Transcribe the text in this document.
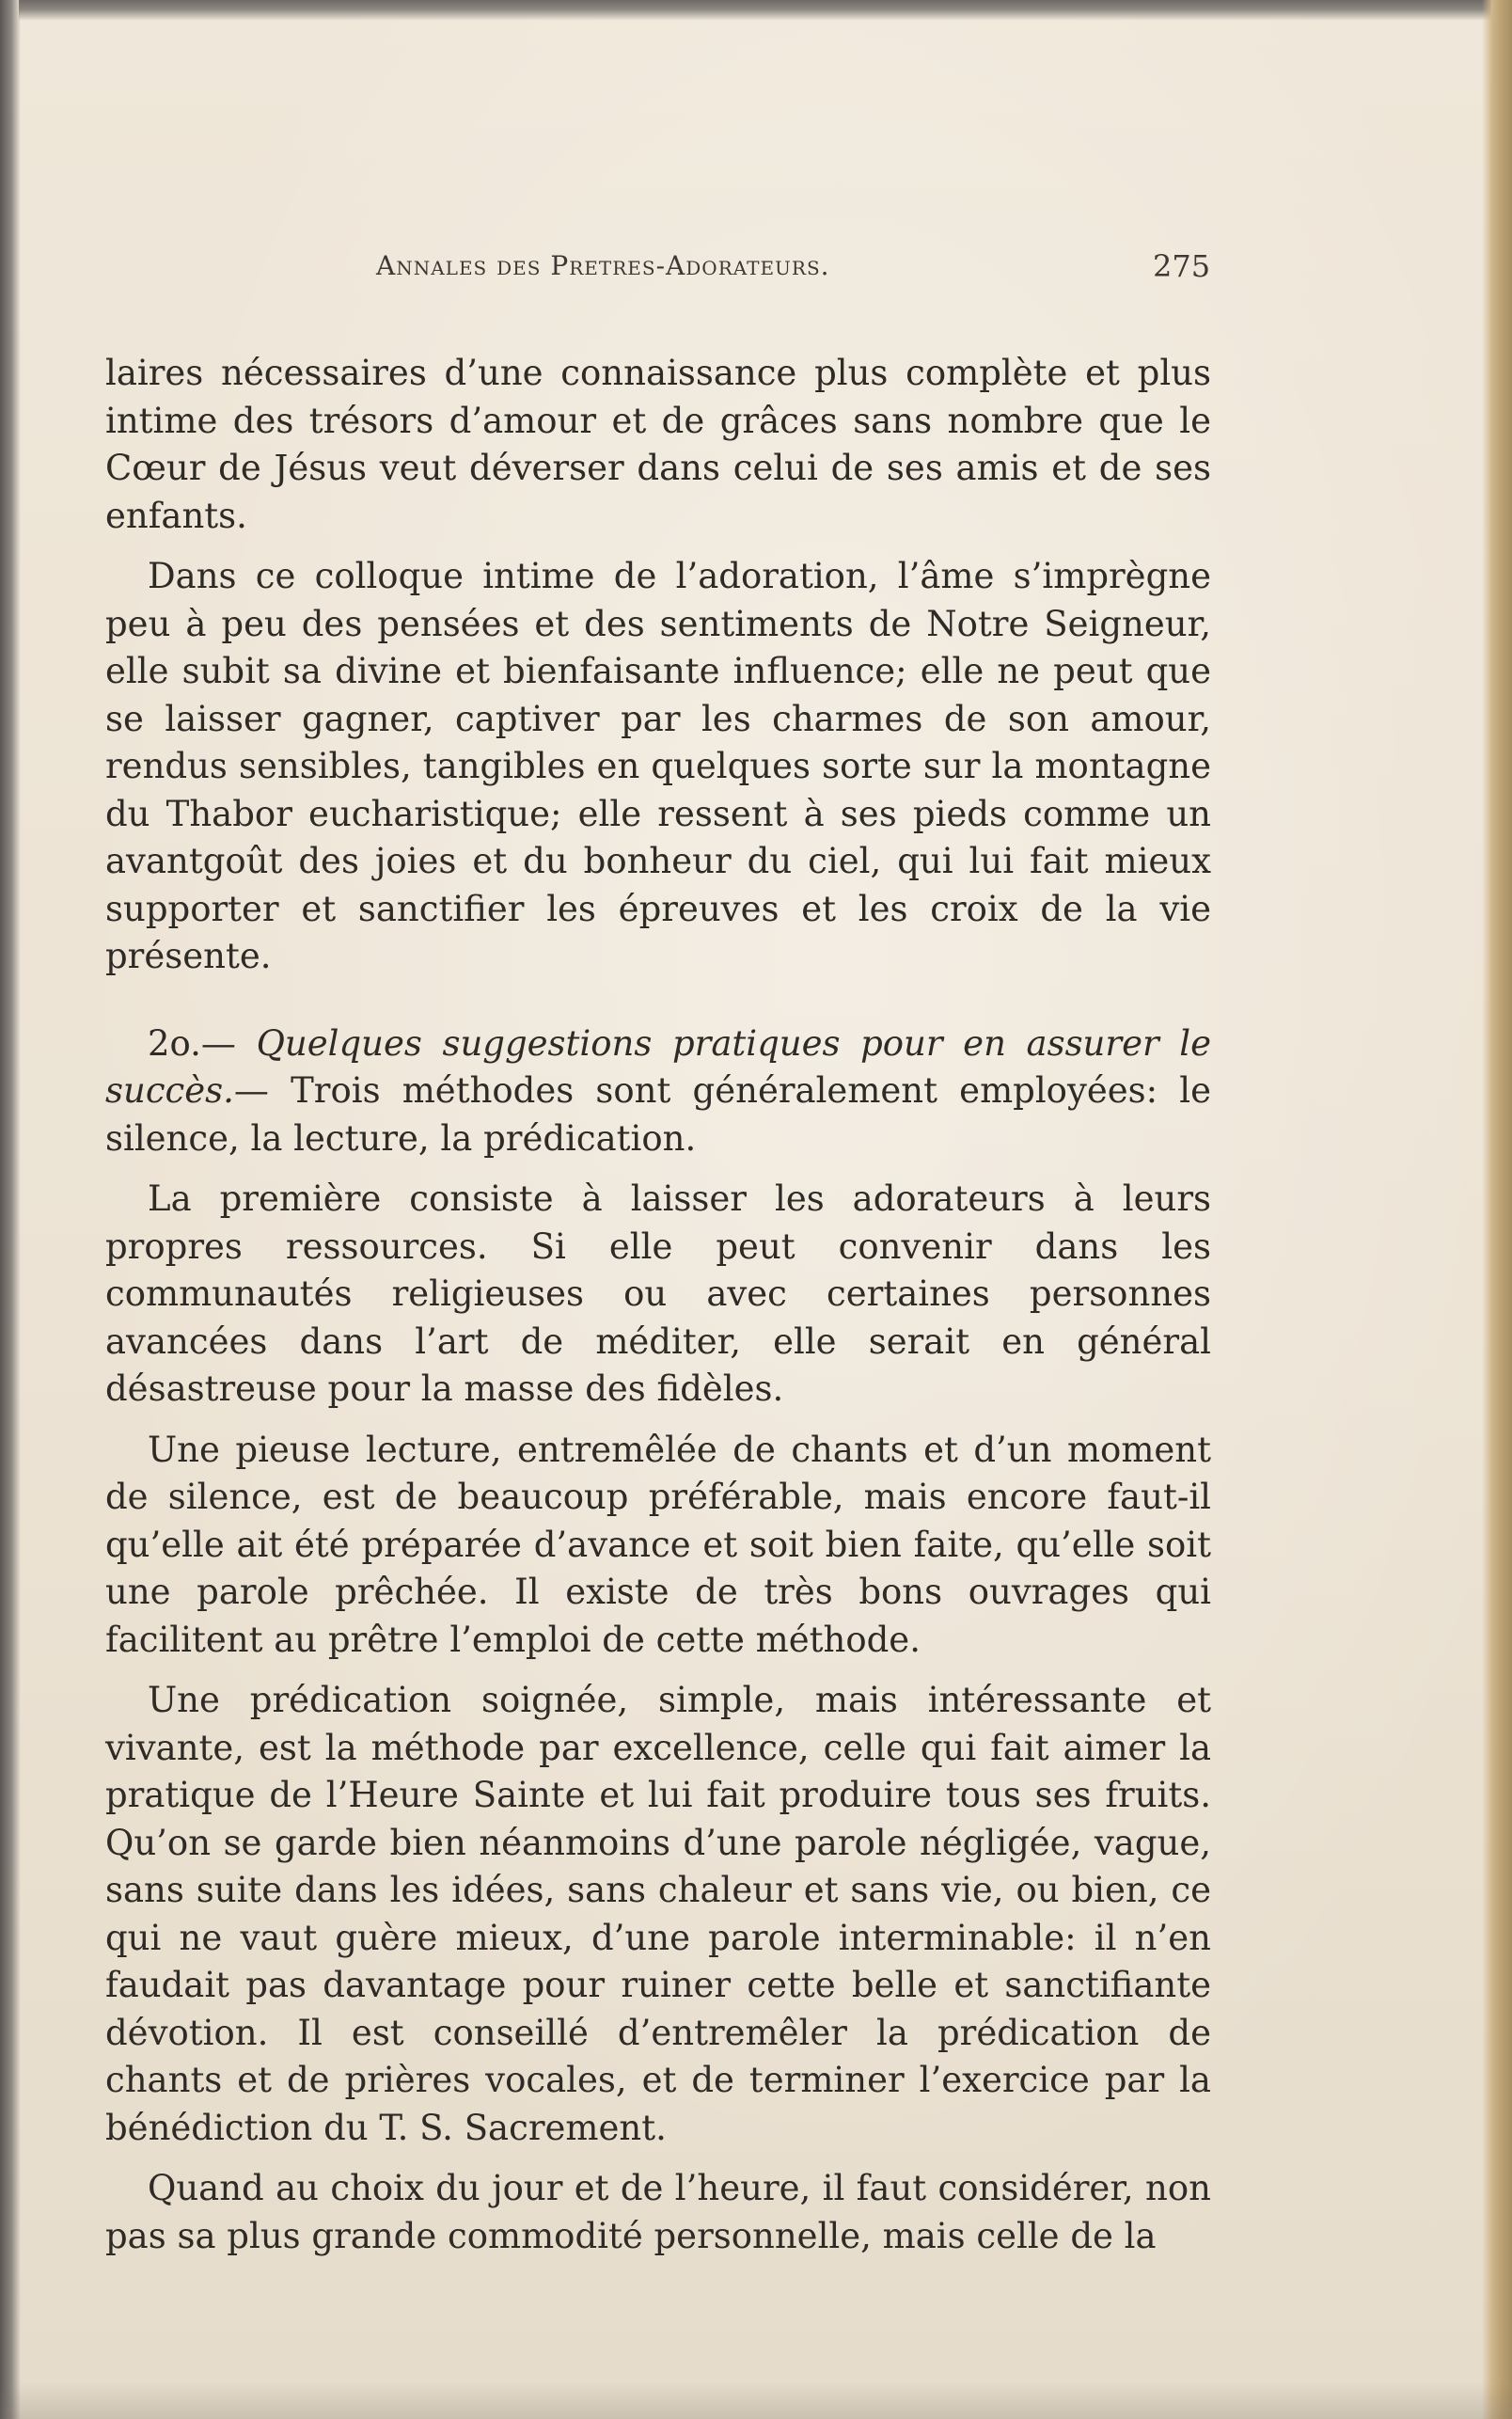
Annales des Pretres-Adorateurs.	275

laires nécessaires d’une connaissance plus complète et plus intime des trésors d’amour et de grâces sans nombre que le Cœur de Jésus veut déverser dans celui de ses amis et de ses enfants.

Dans ce colloque intime de l’adoration, l’âme s’imprègne peu à peu des pensées et des sentiments de Notre Seigneur, elle subit sa divine et bienfaisante influence; elle ne peut que se laisser gagner, captiver par les charmes de son amour, rendus sensibles, tangibles en quelques sorte sur la montagne du Thabor eucharistique; elle ressent à ses pieds comme un avantgoût des joies et du bonheur du ciel, qui lui fait mieux supporter et sanctifier les épreuves et les croix de la vie présente.

2o.— Quelques suggestions pratiques pour en assurer le succès.— Trois méthodes sont généralement employées: le silence, la lecture, la prédication.

La première consiste à laisser les adorateurs à leurs propres ressources. Si elle peut convenir dans les communautés religieuses ou avec certaines personnes avancées dans l’art de méditer, elle serait en général désastreuse pour la masse des fidèles.

Une pieuse lecture, entremêlée de chants et d’un moment de silence, est de beaucoup préférable, mais encore faut-il qu’elle ait été préparée d’avance et soit bien faite, qu’elle soit une parole prêchée. Il existe de très bons ouvrages qui facilitent au prêtre l’emploi de cette méthode.

Une prédication soignée, simple, mais intéressante et vivante, est la méthode par excellence, celle qui fait aimer la pratique de l’Heure Sainte et lui fait produire tous ses fruits. Qu’on se garde bien néanmoins d’une parole négligée, vague, sans suite dans les idées, sans chaleur et sans vie, ou bien, ce qui ne vaut guère mieux, d’une parole interminable: il n’en faudait pas davantage pour ruiner cette belle et sanctifiante dévotion. Il est conseillé d’entremêler la prédication de chants et de prières vocales, et de terminer l’exercice par la bénédiction du T. S. Sacrement.

Quand au choix du jour et de l’heure, il faut considérer, non pas sa plus grande commodité personnelle, mais celle de la
